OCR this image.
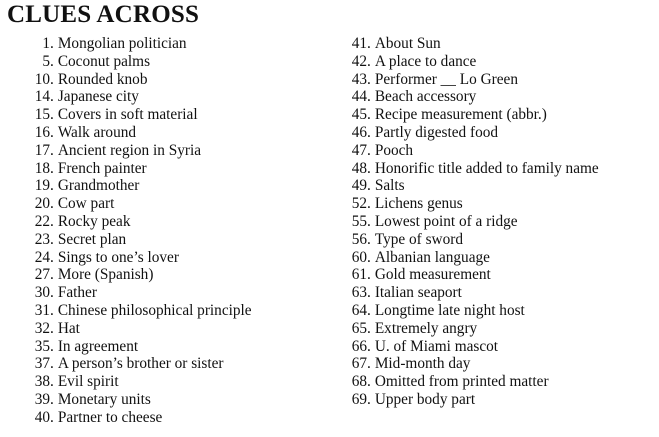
CLUES ACROSS
1 . Mongolian politician
5 . Coconut palms
10 . Rounded knob
14 . Japanese city
15 . Covers in soft material
16 . Walk around
17 . Ancient region in Syria
18 . French painter
19 . Grandmother
20 . Cow part
22 . Rocky peak
23 . Secret plan
24 . Sings to one’s lover
27 . More (Spanish)
30 . Father
31 . Chinese philosophical principle
32 . Hat
35 . In agreement
37 . A person’s brother or sister
38 . Evil spirit
39 . Monetary units
40 . Partner to cheese
41 . About Sun
42 . A place to dance
43 . Performer __ Lo Green
44 . Beach accessory
45 . Recipe measurement (abbr.)
46 . Partly digested food
47 . Pooch
48 . Honorific title added to family name
49 . Salts
52 . Lichens genus
55 . Lowest point of a ridge
56 . Type of sword
60 . Albanian language
61 . Gold measurement
63 . Italian seaport
64 . Longtime late night host
65 . Extremely angry
66 . U. of Miami mascot
67 . Mid-month day
68 . Omitted from printed matter
69 . Upper body part
